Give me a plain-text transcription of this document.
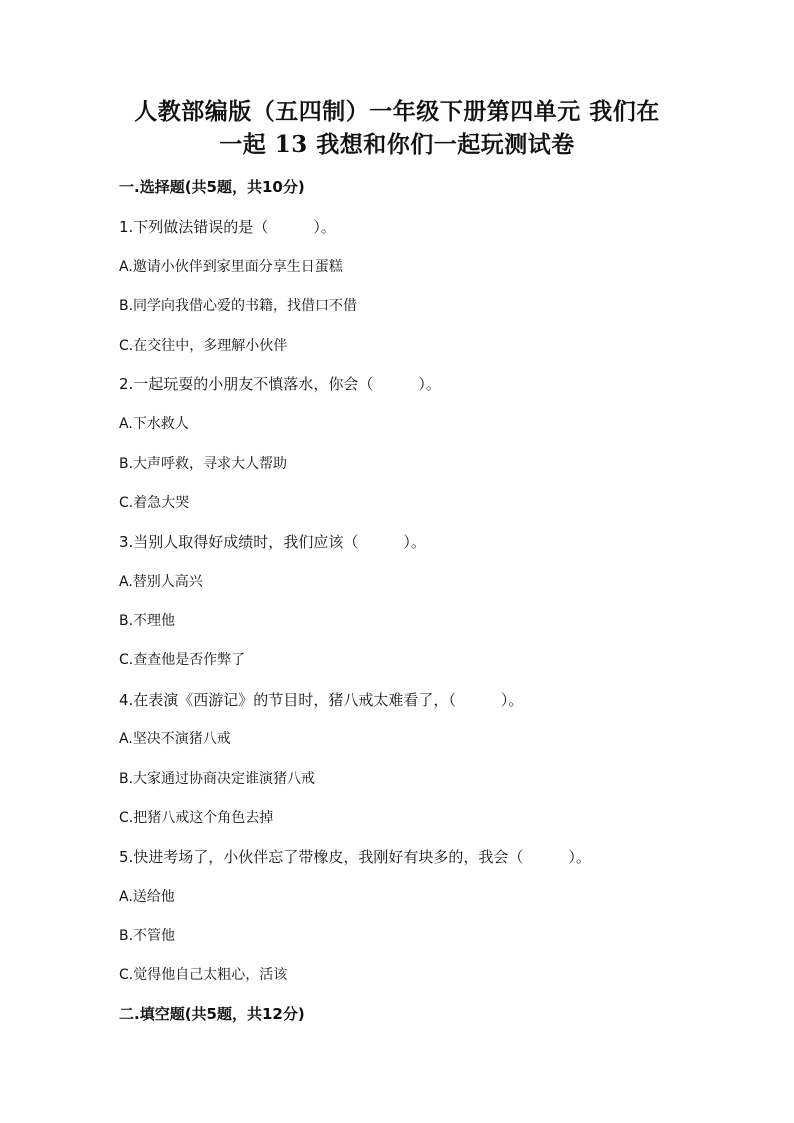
人教部编版（五四制）一年级下册第四单元 我们在
一起 13 我想和你们一起玩测试卷
一.选择题(共5题，共10分)
1.下列做法错误的是（　　　）。
A.邀请小伙伴到家里面分享生日蛋糕
B.同学向我借心爱的书籍，找借口不借
C.在交往中，多理解小伙伴
2.一起玩耍的小朋友不慎落水，你会（　　　）。
A.下水救人
B.大声呼救，寻求大人帮助
C.着急大哭
3.当别人取得好成绩时，我们应该（　　　）。
A.替别人高兴
B.不理他
C.查查他是否作弊了
4.在表演《西游记》的节目时，猪八戒太难看了，（　　　）。
A.坚决不演猪八戒
B.大家通过协商决定谁演猪八戒
C.把猪八戒这个角色去掉
5.快进考场了，小伙伴忘了带橡皮，我刚好有块多的，我会（　　　）。
A.送给他
B.不管他
C.觉得他自己太粗心，活该
二.填空题(共5题，共12分)
